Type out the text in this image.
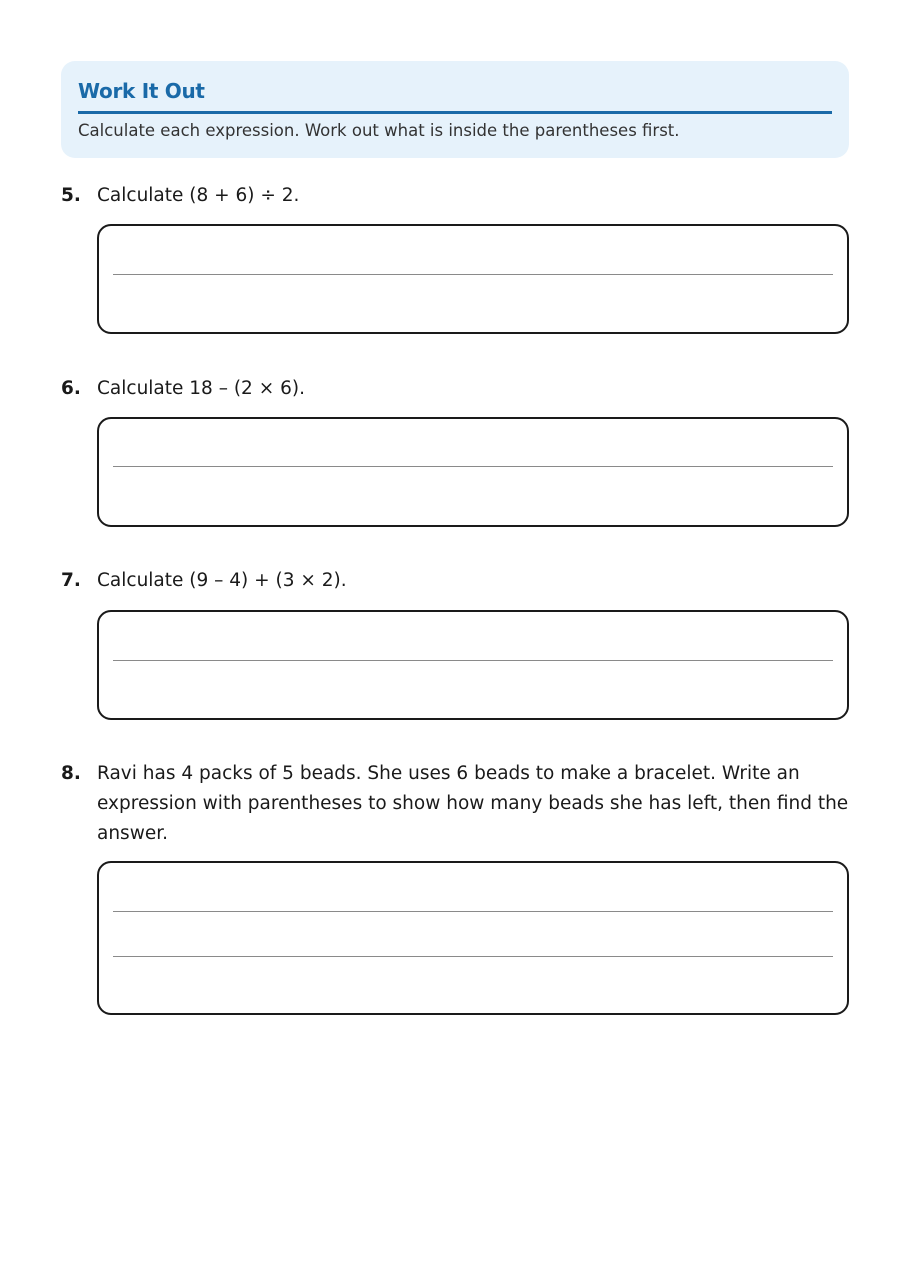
Work It Out
Calculate each expression. Work out what is inside the parentheses first.
5. Calculate (8 + 6) ÷ 2.
6. Calculate 18 – (2 × 6).
7. Calculate (9 – 4) + (3 × 2).
8. Ravi has 4 packs of 5 beads. She uses 6 beads to make a bracelet. Write an expression with parentheses to show how many beads she has left, then find the answer.
